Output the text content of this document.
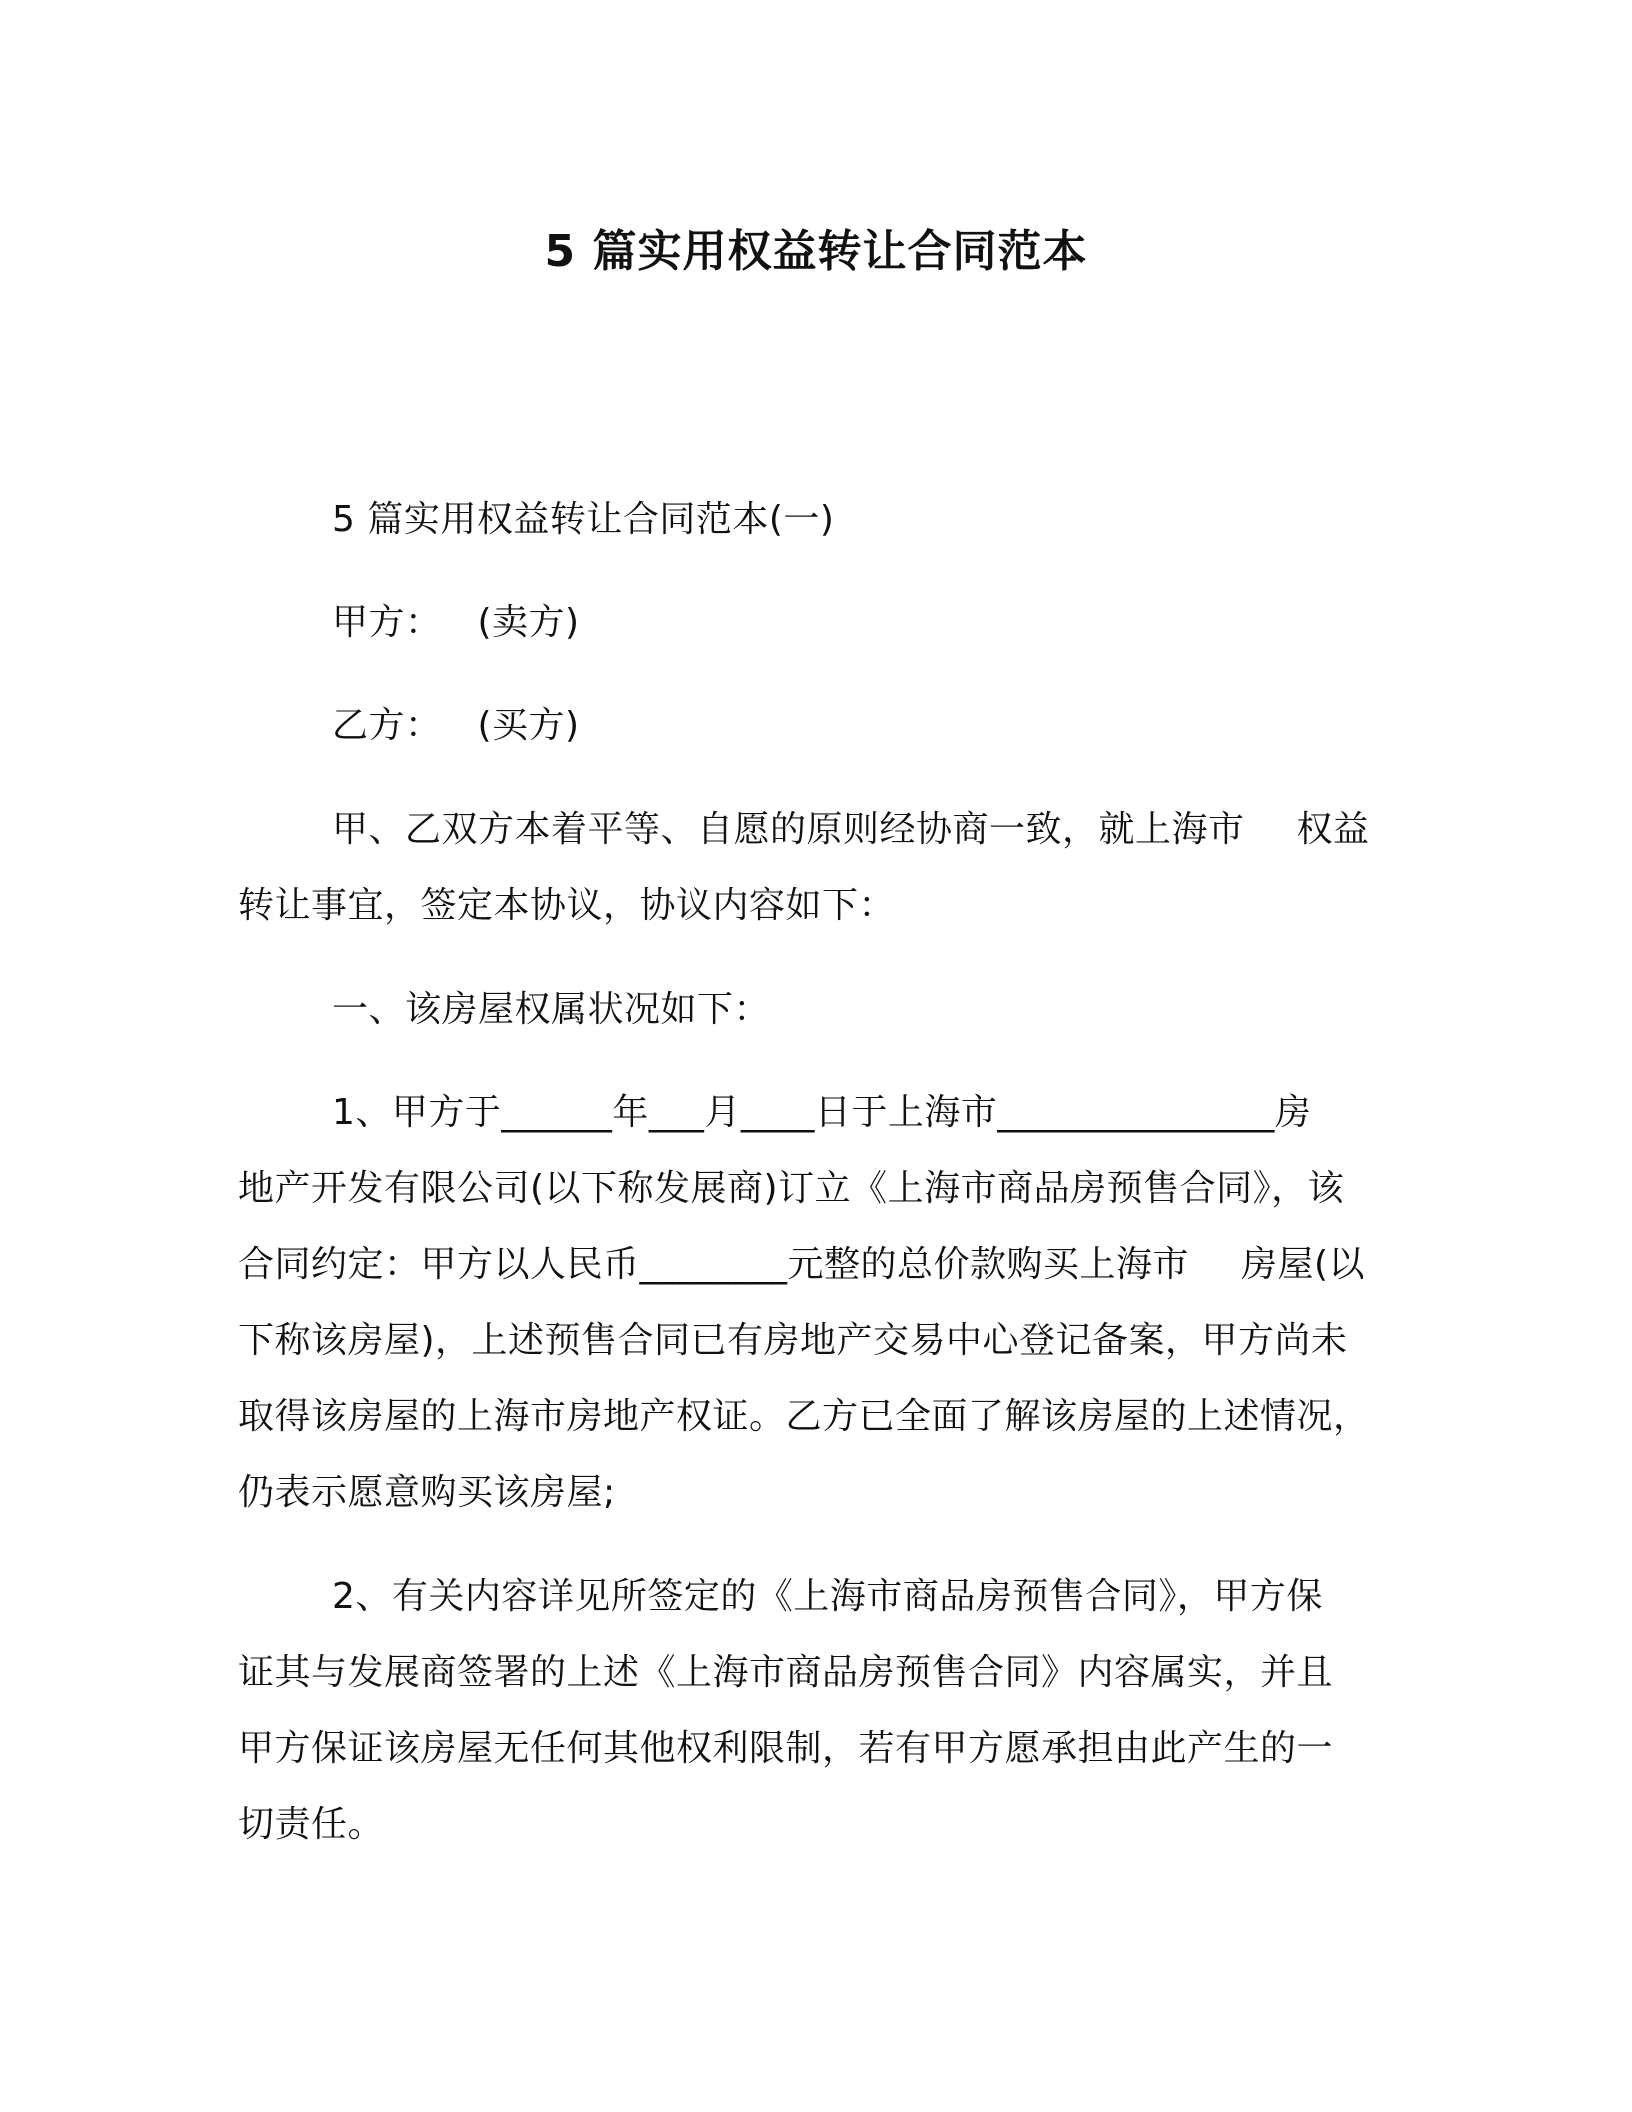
5 篇实用权益转让合同范本
5 篇实用权益转让合同范本(一)
甲方： (卖方)
乙方： (买方)
甲、乙双方本着平等、自愿的原则经协商一致，就上海市 权益
转让事宜，签定本协议，协议内容如下：
一、该房屋权属状况如下：
1、甲方于______年___月____日于上海市_______________房
地产开发有限公司(以下称发展商)订立《上海市商品房预售合同》，该
合同约定：甲方以人民币________元整的总价款购买上海市 房屋(以
下称该房屋)，上述预售合同已有房地产交易中心登记备案，甲方尚未
取得该房屋的上海市房地产权证。乙方已全面了解该房屋的上述情况，
仍表示愿意购买该房屋;
2、有关内容详见所签定的《上海市商品房预售合同》，甲方保
证其与发展商签署的上述《上海市商品房预售合同》内容属实，并且
甲方保证该房屋无任何其他权利限制，若有甲方愿承担由此产生的一
切责任。
